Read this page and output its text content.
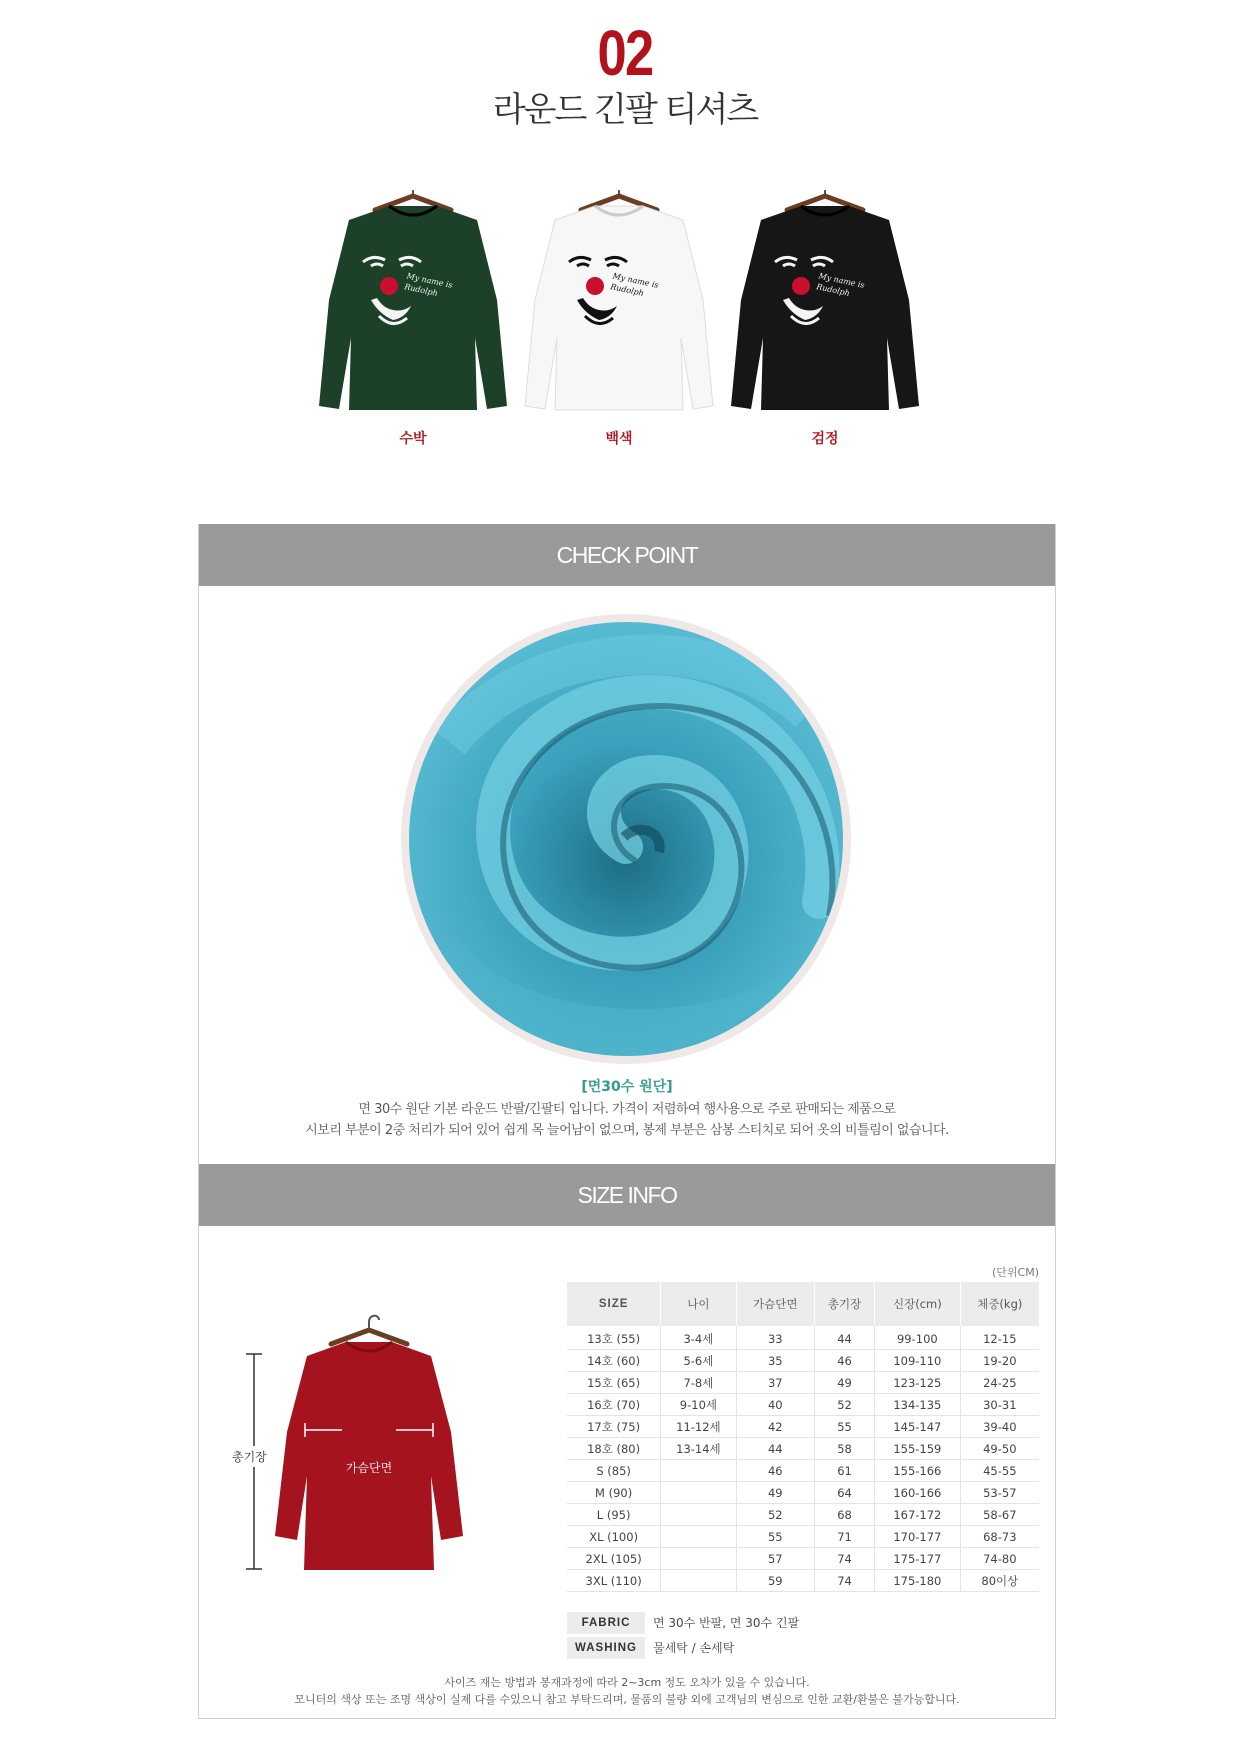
02
라운드 긴팔 티셔츠
My name is Rudolph
수박
My name is Rudolph
백색
My name is Rudolph
검정
CHECK POINT
[면30수 원단]
면 30수 원단 기본 라운드 반팔/긴팔티 입니다. 가격이 저렴하여 행사용으로 주로 판매되는 제품으로
시보리 부분이 2중 처리가 되어 있어 쉽게 목 늘어남이 없으며, 봉제 부분은 삼봉 스티치로 되어 옷의 비틀림이 없습니다.
SIZE INFO
가슴단면
총기장
(단위CM)
SIZE	나이	가슴단면	총기장	신장(cm)	체중(kg)
13호 (55)	3-4세	33	44	99-100	12-15
14호 (60)	5-6세	35	46	109-110	19-20
15호 (65)	7-8세	37	49	123-125	24-25
16호 (70)	9-10세	40	52	134-135	30-31
17호 (75)	11-12세	42	55	145-147	39-40
18호 (80)	13-14세	44	58	155-159	49-50
S (85)		46	61	155-166	45-55
M (90)		49	64	160-166	53-57
L (95)		52	68	167-172	58-67
XL (100)		55	71	170-177	68-73
2XL (105)		57	74	175-177	74-80
3XL (110)		59	74	175-180	80이상
FABRIC 면 30수 반팔, 면 30수 긴팔
WASHING 물세탁 / 손세탁
사이즈 재는 방법과 봉재과정에 따라 2~3cm 정도 오차가 있을 수 있습니다.
모니터의 색상 또는 조명 색상이 실제 다를 수있으니 참고 부탁드리며, 물품의 불량 외에 고객님의 변심으로 인한 교환/환불은 불가능합니다.
